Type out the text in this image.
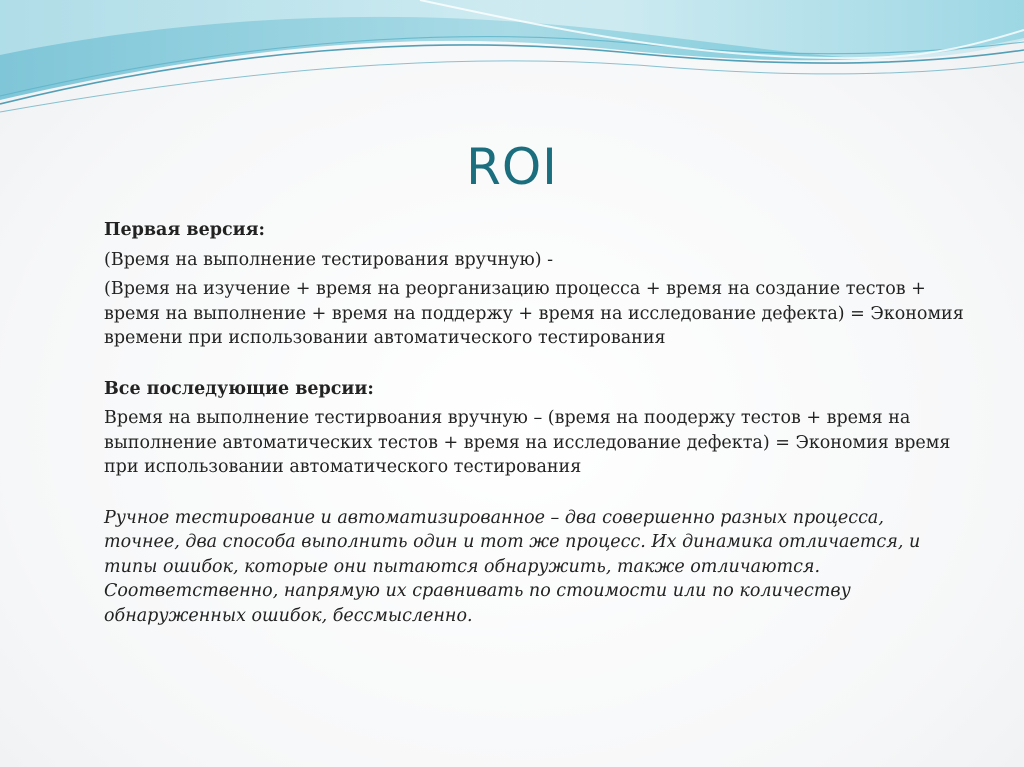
ROI

Первая версия:

(Время на выполнение тестирования вручную) -

(Время на изучение + время на реорганизацию процесса + время на создание тестов + время на выполнение + время на поддержу + время на исследование дефекта) = Экономия времени при использовании автоматического тестирования

Все последующие версии:

Время на выполнение тестирвоания вручную – (время на поодержу тестов + время на выполнение автоматических тестов + время на исследование дефекта) = Экономия время при использовании автоматического тестирования

Ручное тестирование и автоматизированное – два совершенно разных процесса, точнее, два способа выполнить один и тот же процесс. Их динамика отличается, и типы ошибок, которые они пытаются обнаружить, также отличаются. Соответственно, напрямую их сравнивать по стоимости или по количеству обнаруженных ошибок, бессмысленно.
